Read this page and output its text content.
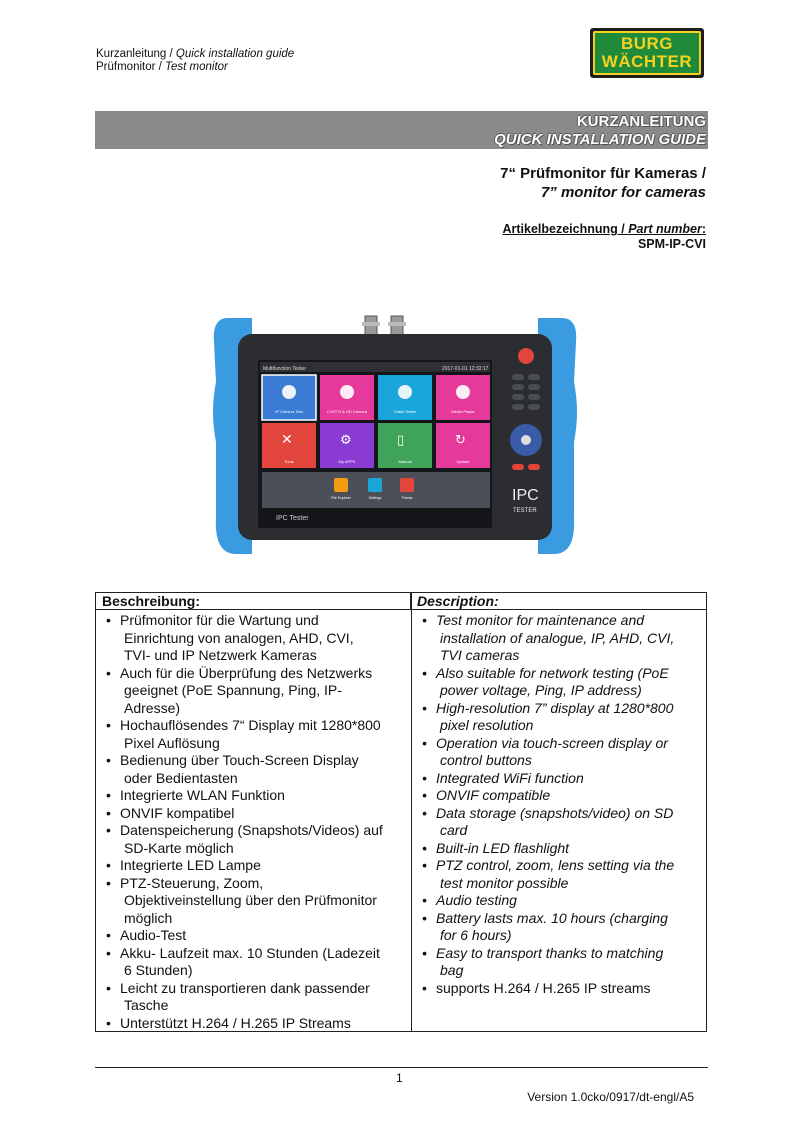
Kurzanleitung / Quick installation guide
Prüfmonitor / Test monitor
BURG
WÄCHTER
KURZANLEITUNG
QUICK INSTALLATION GUIDE
7“ Prüfmonitor für Kameras /
7” monitor for cameras
Artikelbezeichnung / Part number:
SPM-IP-CVI
Multifunction Tester	2017-01-01 12:32:17
✕	⚙	▯	↻
IP Camera Test	CVI/TVI & HD Camera	Cable Tester	Media Player
Tools	My APPS	Manual	Update
File Explorer	Settings	Theme
IPC Tester
IPC
TESTER
Beschreibung:	Description:
• Prüfmonitor für die Wartung und
Einrichtung von analogen, AHD, CVI,
TVI- und IP Netzwerk Kameras
• Auch für die Überprüfung des Netzwerks
geeignet (PoE Spannung, Ping, IP-
Adresse)
• Hochauflösendes 7“ Display mit 1280*800
Pixel Auflösung
• Bedienung über Touch-Screen Display
oder Bedientasten
• Integrierte WLAN Funktion
• ONVIF kompatibel
• Datenspeicherung (Snapshots/Videos) auf
SD-Karte möglich
• Integrierte LED Lampe
• PTZ-Steuerung, Zoom,
Objektiveinstellung über den Prüfmonitor
möglich
• Audio-Test
• Akku- Laufzeit max. 10 Stunden (Ladezeit
6 Stunden)
• Leicht zu transportieren dank passender
Tasche
• Unterstützt H.264 / H.265 IP Streams
• Test monitor for maintenance and
installation of analogue, IP, AHD, CVI,
TVI cameras
• Also suitable for network testing (PoE
power voltage, Ping, IP address)
• High-resolution 7” display at 1280*800
pixel resolution
• Operation via touch-screen display or
control buttons
• Integrated WiFi function
• ONVIF compatible
• Data storage (snapshots/video) on SD
card
• Built-in LED flashlight
• PTZ control, zoom, lens setting via the
test monitor possible
• Audio testing
• Battery lasts max. 10 hours (charging
for 6 hours)
• Easy to transport thanks to matching
bag
• supports H.264 / H.265 IP streams
1
Version 1.0cko/0917/dt-engl/A5
